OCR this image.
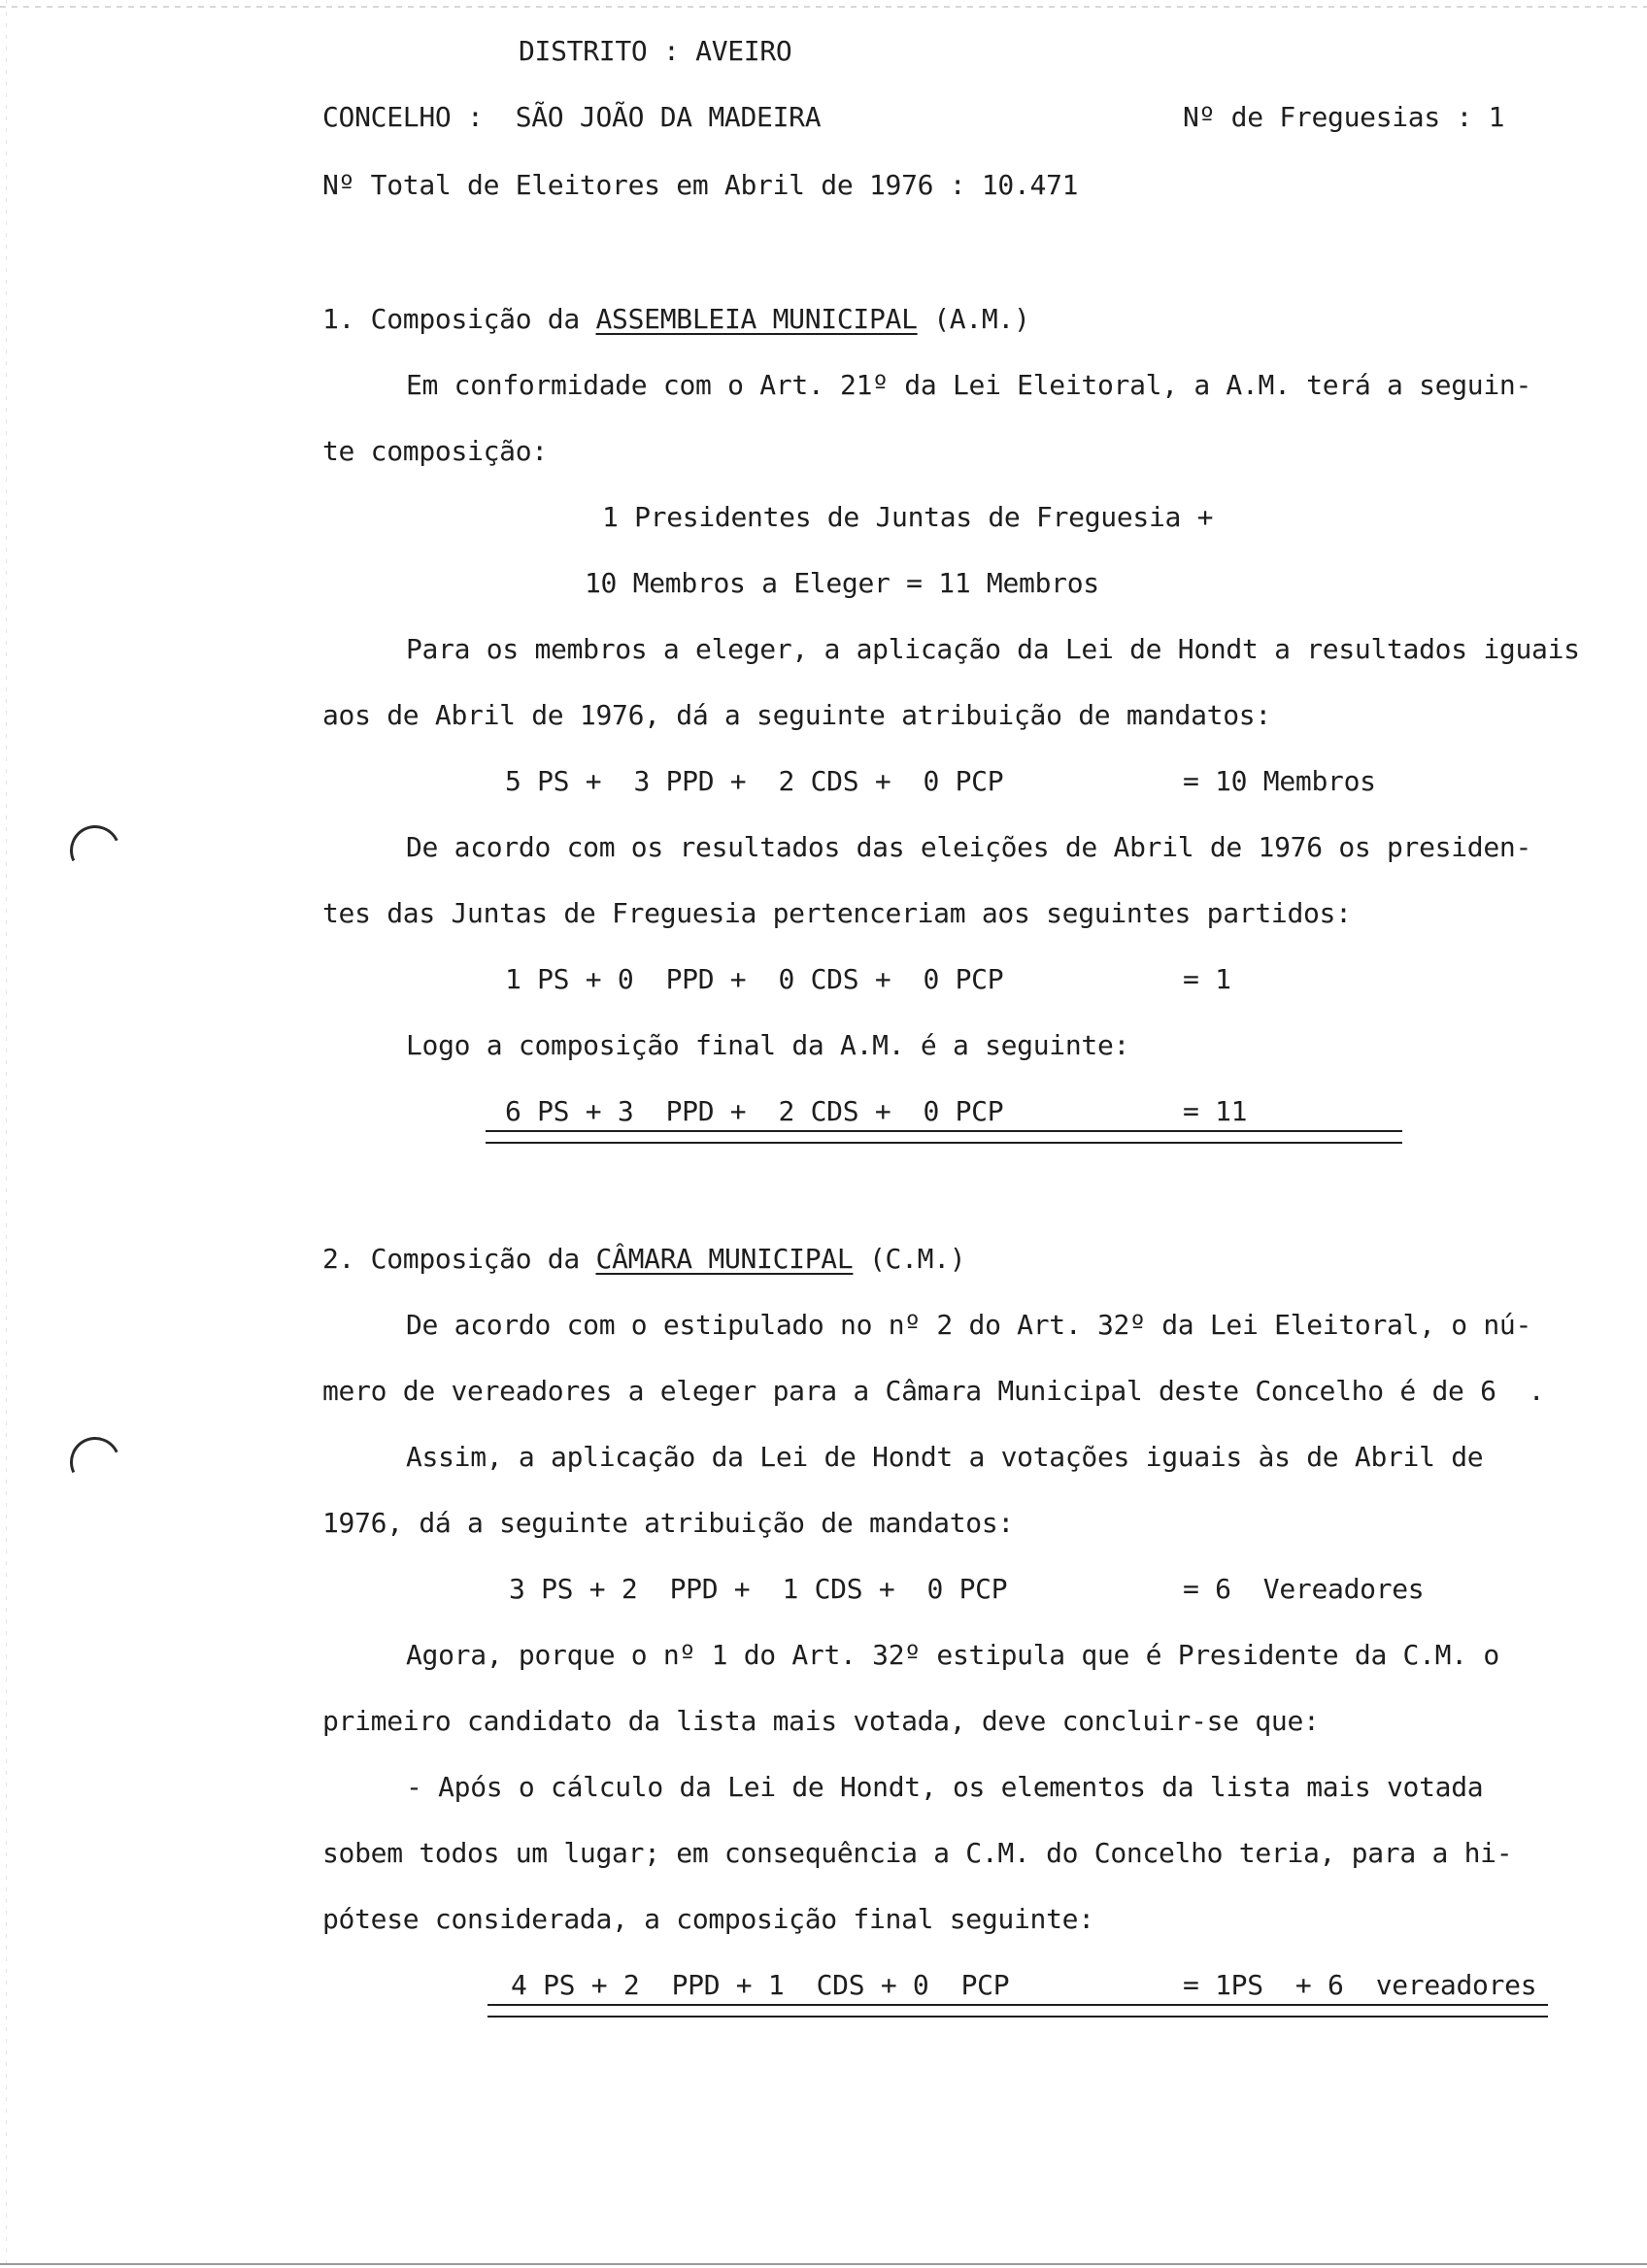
DISTRITO : AVEIRO
CONCELHO :  SÃO JOÃO DA MADEIRA	Nº de Freguesias : 1
Nº Total de Eleitores em Abril de 1976 : 10.471
1. Composição da ASSEMBLEIA MUNICIPAL (A.M.)
Em conformidade com o Art. 21º da Lei Eleitoral, a A.M. terá a seguin-
te composição:
1 Presidentes de Juntas de Freguesia +
10 Membros a Eleger = 11 Membros
Para os membros a eleger, a aplicação da Lei de Hondt a resultados iguais
aos de Abril de 1976, dá a seguinte atribuição de mandatos:
5 PS +  3 PPD +  2 CDS +  0 PCP	= 10 Membros
De acordo com os resultados das eleições de Abril de 1976 os presiden-
tes das Juntas de Freguesia pertenceriam aos seguintes partidos:
1 PS + 0  PPD +  0 CDS +  0 PCP	= 1
Logo a composição final da A.M. é a seguinte:
6 PS + 3  PPD +  2 CDS +  0 PCP	= 11
2. Composição da CÂMARA MUNICIPAL (C.M.)
De acordo com o estipulado no nº 2 do Art. 32º da Lei Eleitoral, o nú-
mero de vereadores a eleger para a Câmara Municipal deste Concelho é de 6  .
Assim, a aplicação da Lei de Hondt a votações iguais às de Abril de
1976, dá a seguinte atribuição de mandatos:
3 PS + 2  PPD +  1 CDS +  0 PCP	= 6  Vereadores
Agora, porque o nº 1 do Art. 32º estipula que é Presidente da C.M. o
primeiro candidato da lista mais votada, deve concluir-se que:
- Após o cálculo da Lei de Hondt, os elementos da lista mais votada
sobem todos um lugar; em consequência a C.M. do Concelho teria, para a hi-
pótese considerada, a composição final seguinte:
4 PS + 2  PPD + 1  CDS + 0  PCP	= 1PS  + 6  vereadores
